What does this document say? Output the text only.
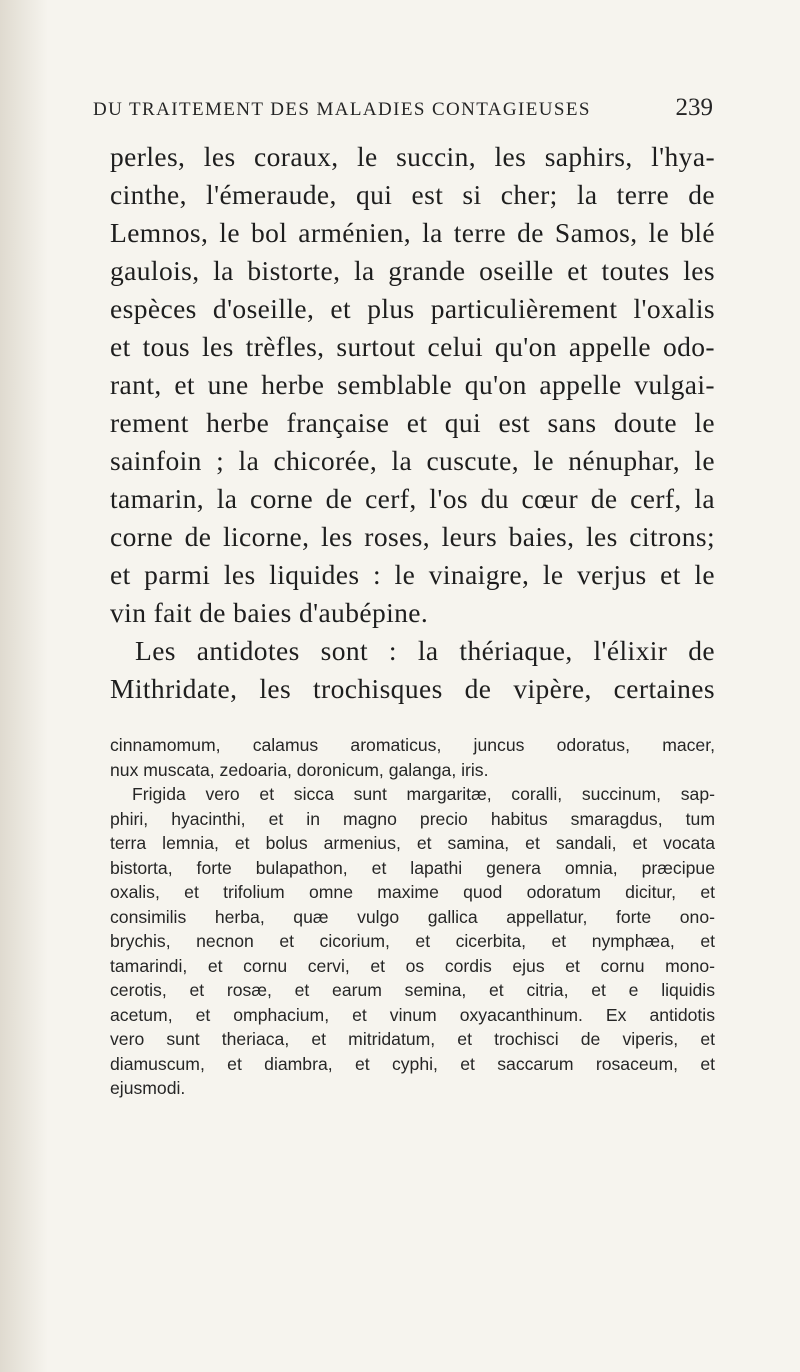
DU TRAITEMENT DES MALADIES CONTAGIEUSES	239

perles, les coraux, le succin, les saphirs, l'hya-
cinthe, l'émeraude, qui est si cher; la terre de
Lemnos, le bol arménien, la terre de Samos, le blé
gaulois, la bistorte, la grande oseille et toutes les
espèces d'oseille, et plus particulièrement l'oxalis
et tous les trèfles, surtout celui qu'on appelle odo-
rant, et une herbe semblable qu'on appelle vulgai-
rement herbe française et qui est sans doute le
sainfoin ; la chicorée, la cuscute, le nénuphar, le
tamarin, la corne de cerf, l'os du cœur de cerf, la
corne de licorne, les roses, leurs baies, les citrons;
et parmi les liquides : le vinaigre, le verjus et le
vin fait de baies d'aubépine.

Les antidotes sont : la thériaque, l'élixir de
Mithridate, les trochisques de vipère, certaines

cinnamomum, calamus aromaticus, juncus odoratus, macer,
nux muscata, zedoaria, doronicum, galanga, iris.
Frigida vero et sicca sunt margaritæ, coralli, succinum, sap-
phiri, hyacinthi, et in magno precio habitus smaragdus, tum
terra lemnia, et bolus armenius, et samina, et sandali, et vocata
bistorta, forte bulapathon, et lapathi genera omnia, præcipue
oxalis, et trifolium omne maxime quod odoratum dicitur, et
consimilis herba, quæ vulgo gallica appellatur, forte ono-
brychis, necnon et cicorium, et cicerbita, et nymphæa, et
tamarindi, et cornu cervi, et os cordis ejus et cornu mono-
cerotis, et rosæ, et earum semina, et citria, et e liquidis
acetum, et omphacium, et vinum oxyacanthinum. Ex antidotis
vero sunt theriaca, et mitridatum, et trochisci de viperis, et
diamuscum, et diambra, et cyphi, et saccarum rosaceum, et
ejusmodi.
